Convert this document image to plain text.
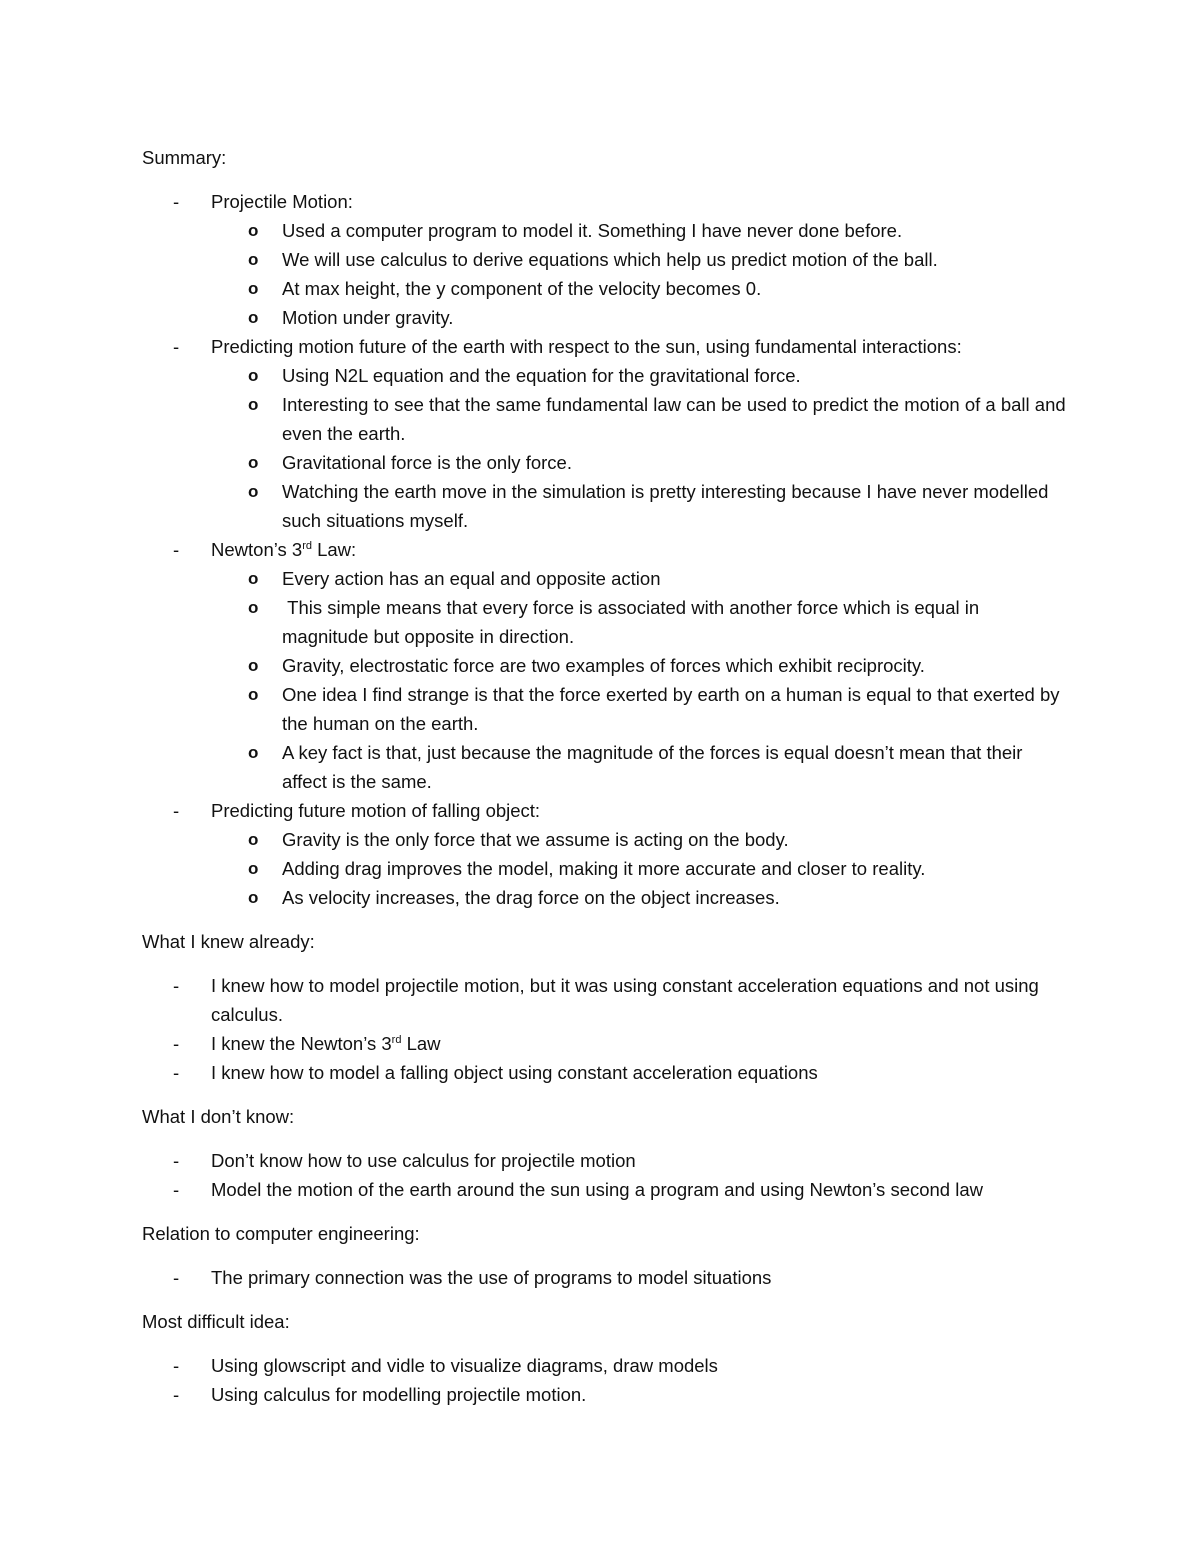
Summary:

- Projectile Motion:
o Used a computer program to model it. Something I have never done before.
o We will use calculus to derive equations which help us predict motion of the ball.
o At max height, the y component of the velocity becomes 0.
o Motion under gravity.
- Predicting motion future of the earth with respect to the sun, using fundamental interactions:
o Using N2L equation and the equation for the gravitational force.
o Interesting to see that the same fundamental law can be used to predict the motion of a ball and even the earth.
o Gravitational force is the only force.
o Watching the earth move in the simulation is pretty interesting because I have never modelled such situations myself.
- Newton’s 3rd Law:
o Every action has an equal and opposite action
o This simple means that every force is associated with another force which is equal in magnitude but opposite in direction.
o Gravity, electrostatic force are two examples of forces which exhibit reciprocity.
o One idea I find strange is that the force exerted by earth on a human is equal to that exerted by the human on the earth.
o A key fact is that, just because the magnitude of the forces is equal doesn’t mean that their affect is the same.
- Predicting future motion of falling object:
o Gravity is the only force that we assume is acting on the body.
o Adding drag improves the model, making it more accurate and closer to reality.
o As velocity increases, the drag force on the object increases.

What I knew already:

- I knew how to model projectile motion, but it was using constant acceleration equations and not using calculus.
- I knew the Newton’s 3rd Law
- I knew how to model a falling object using constant acceleration equations

What I don’t know:

- Don’t know how to use calculus for projectile motion
- Model the motion of the earth around the sun using a program and using Newton’s second law

Relation to computer engineering:

- The primary connection was the use of programs to model situations

Most difficult idea:

- Using glowscript and vidle to visualize diagrams, draw models
- Using calculus for modelling projectile motion.
